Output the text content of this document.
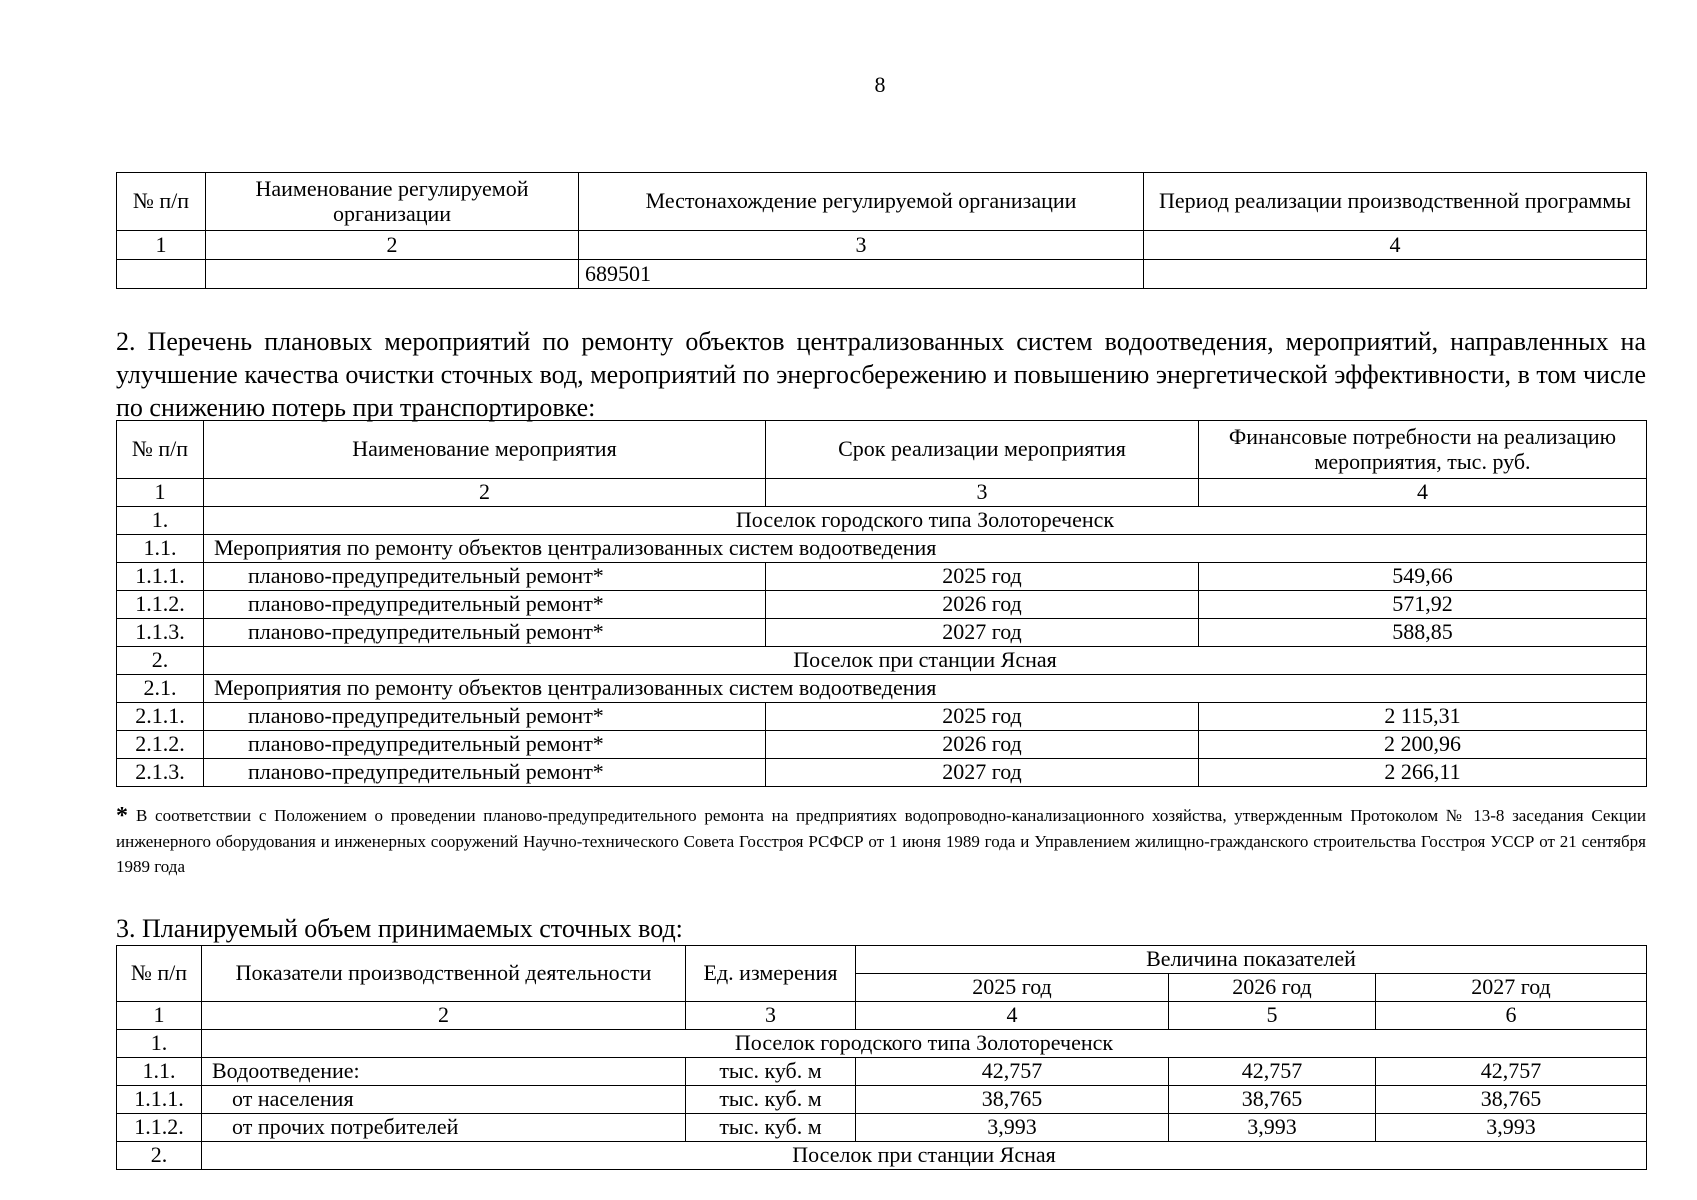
8
№ п/п	Наименование регулируемой организации	Местонахождение регулируемой организации	Период реализации производственной программы
1	2	3	4
		689501	
2. Перечень плановых мероприятий по ремонту объектов централизованных систем водоотведения, мероприятий, направленных на улучшение качества очистки сточных вод, мероприятий по энергосбережению и повышению энергетической эффективности, в том числе по снижению потерь при транспортировке:
№ п/п	Наименование мероприятия	Срок реализации мероприятия	Финансовые потребности на реализацию мероприятия, тыс. руб.
1	2	3	4
1.	Поселок городского типа Золотореченск		
1.1.	Мероприятия по ремонту объектов централизованных систем водоотведения		
1.1.1.	планово-предупредительный ремонт*	2025 год	549,66
1.1.2.	планово-предупредительный ремонт*	2026 год	571,92
1.1.3.	планово-предупредительный ремонт*	2027 год	588,85
2.	Поселок при станции Ясная		
2.1.	Мероприятия по ремонту объектов централизованных систем водоотведения		
2.1.1.	планово-предупредительный ремонт*	2025 год	2 115,31
2.1.2.	планово-предупредительный ремонт*	2026 год	2 200,96
2.1.3.	планово-предупредительный ремонт*	2027 год	2 266,11
* В соответствии с Положением о проведении планово-предупредительного ремонта на предприятиях водопроводно-канализационного хозяйства, утвержденным Протоколом № 13-8 заседания Секции инженерного оборудования и инженерных сооружений Научно-технического Совета Госстроя РСФСР от 1 июня 1989 года и Управлением жилищно-гражданского строительства Госстроя УССР от 21 сентября 1989 года
3. Планируемый объем принимаемых сточных вод:
№ п/п	Показатели производственной деятельности	Ед. измерения	Величина показателей		
			2025 год	2026 год	2027 год
1	2	3	4	5	6
1.	Поселок городского типа Золотореченск				
1.1.	Водоотведение:	тыс. куб. м	42,757	42,757	42,757
1.1.1.	от населения	тыс. куб. м	38,765	38,765	38,765
1.1.2.	от прочих потребителей	тыс. куб. м	3,993	3,993	3,993
2.	Поселок при станции Ясная				
